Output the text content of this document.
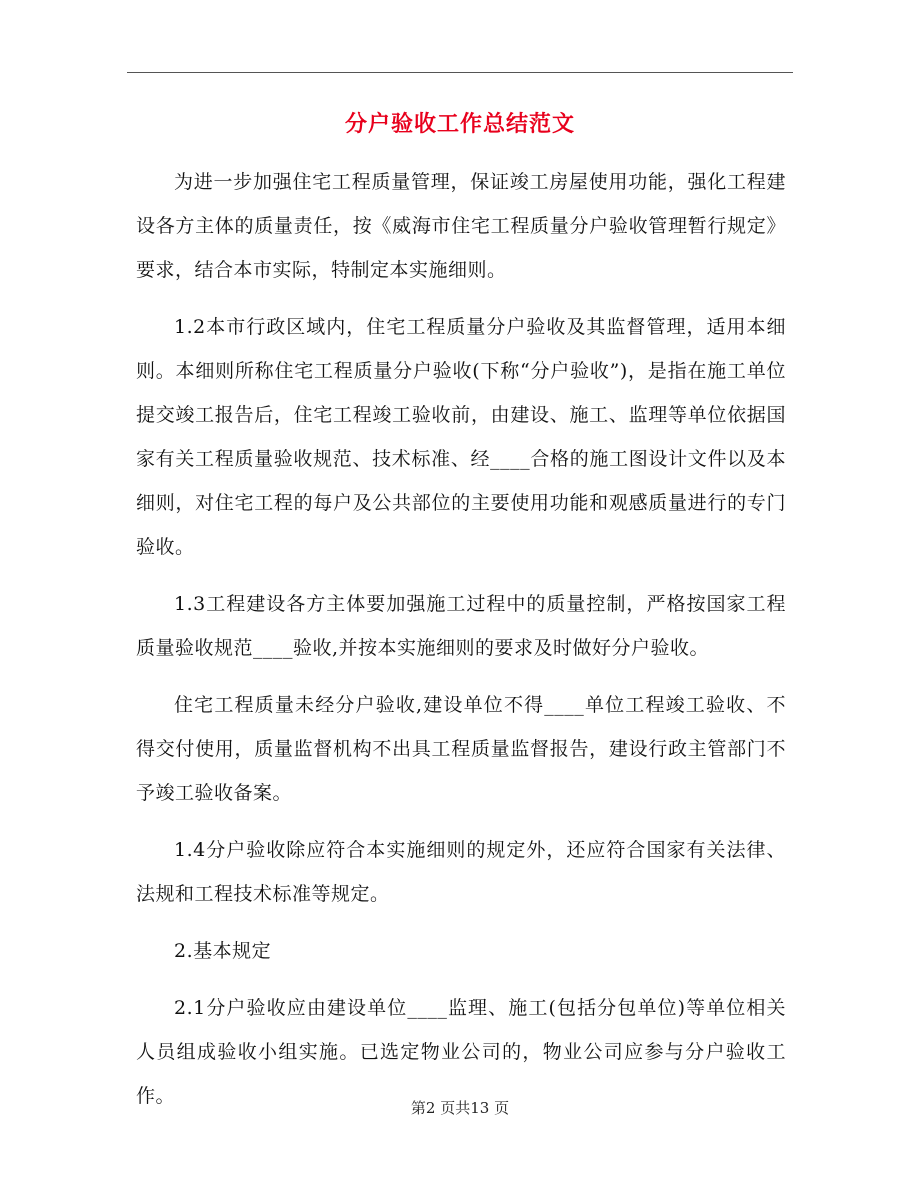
分户验收工作总结范文

为进一步加强住宅工程质量管理，保证竣工房屋使用功能，强化工程建设各方主体的质量责任，按《威海市住宅工程质量分户验收管理暂行规定》要求，结合本市实际，特制定本实施细则。

1.2本市行政区域内，住宅工程质量分户验收及其监督管理，适用本细则。本细则所称住宅工程质量分户验收(下称“分户验收”)，是指在施工单位提交竣工报告后，住宅工程竣工验收前，由建设、施工、监理等单位依据国家有关工程质量验收规范、技术标准、经____合格的施工图设计文件以及本细则，对住宅工程的每户及公共部位的主要使用功能和观感质量进行的专门验收。

1.3工程建设各方主体要加强施工过程中的质量控制，严格按国家工程质量验收规范____验收,并按本实施细则的要求及时做好分户验收。

住宅工程质量未经分户验收,建设单位不得____单位工程竣工验收、不得交付使用，质量监督机构不出具工程质量监督报告，建设行政主管部门不予竣工验收备案。

1.4分户验收除应符合本实施细则的规定外，还应符合国家有关法律、法规和工程技术标准等规定。

2.基本规定

2.1分户验收应由建设单位____监理、施工(包括分包单位)等单位相关人员组成验收小组实施。已选定物业公司的，物业公司应参与分户验收工作。

第2 页共13 页
